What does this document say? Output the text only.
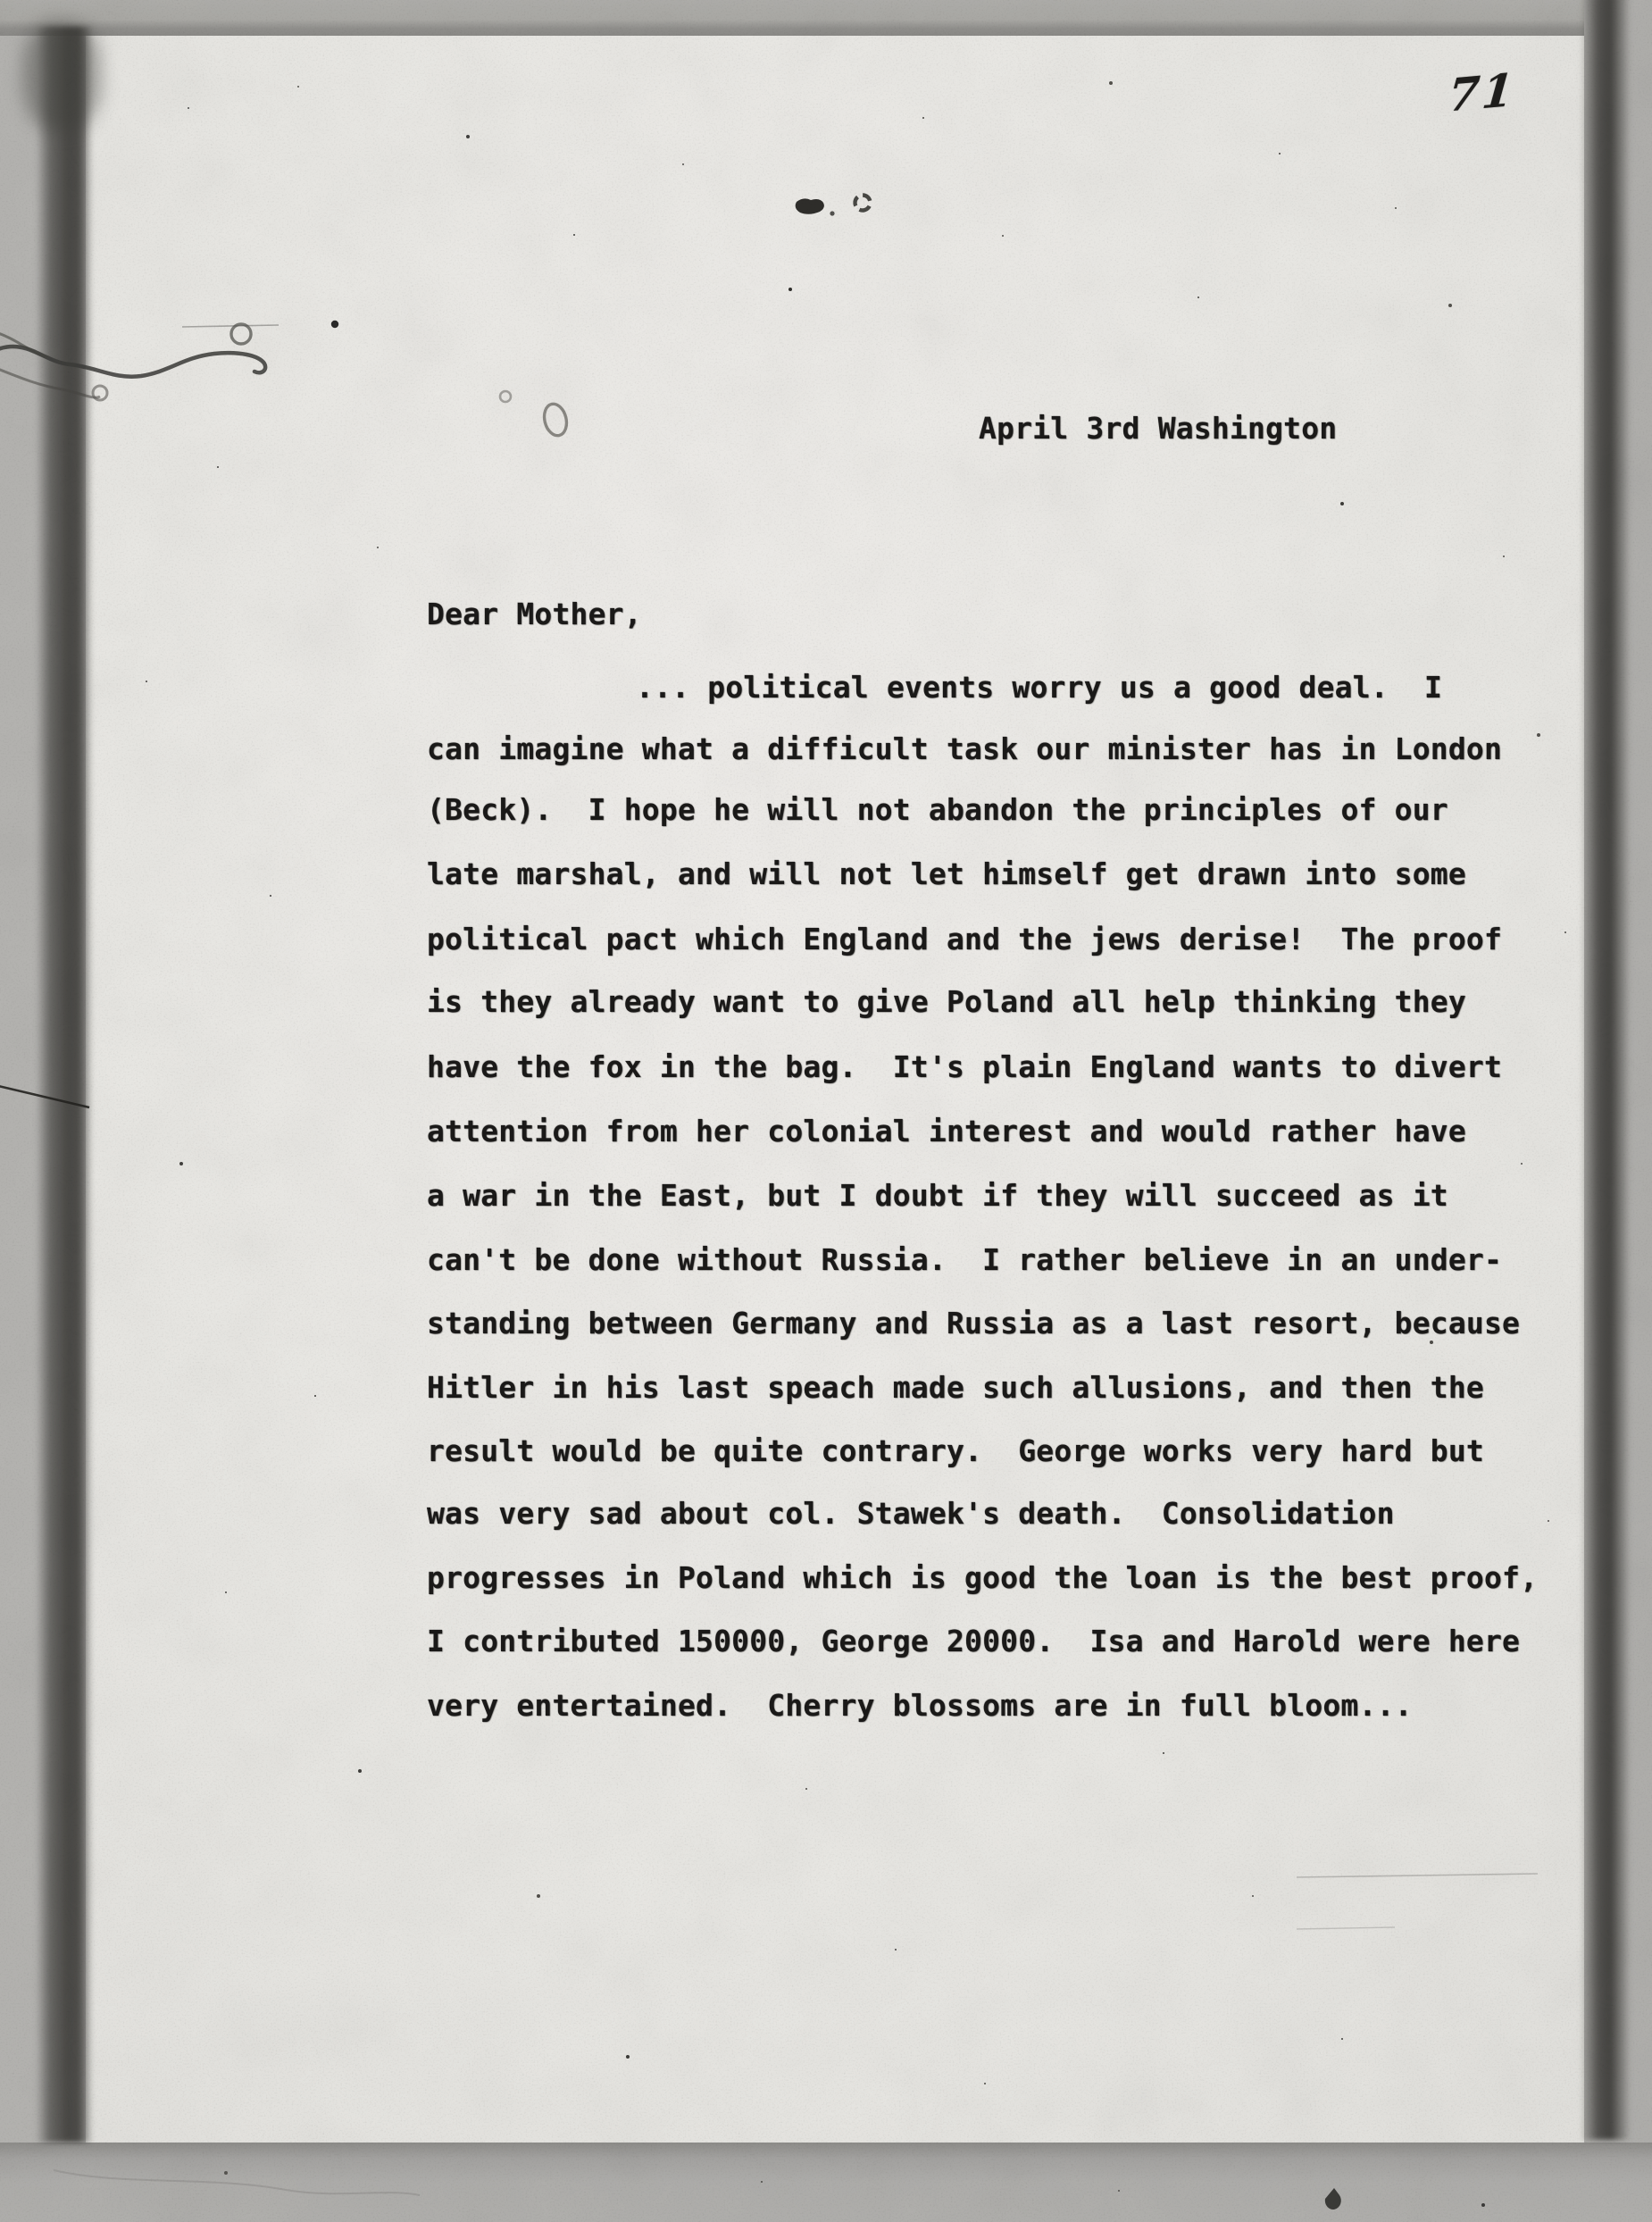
71
April 3rd Washington
Dear Mother,
... political events worry us a good deal.  I
can imagine what a difficult task our minister has in London
(Beck).  I hope he will not abandon the principles of our
late marshal, and will not let himself get drawn into some
political pact which England and the jews derise!  The proof
is they already want to give Poland all help thinking they
have the fox in the bag.  It's plain England wants to divert
attention from her colonial interest and would rather have
a war in the East, but I doubt if they will succeed as it
can't be done without Russia.  I rather believe in an under-
standing between Germany and Russia as a last resort, because
Hitler in his last speach made such allusions, and then the
result would be quite contrary.  George works very hard but
was very sad about col. Stawek's death.  Consolidation
progresses in Poland which is good the loan is the best proof,
I contributed 150000, George 20000.  Isa and Harold were here
very entertained.  Cherry blossoms are in full bloom...
